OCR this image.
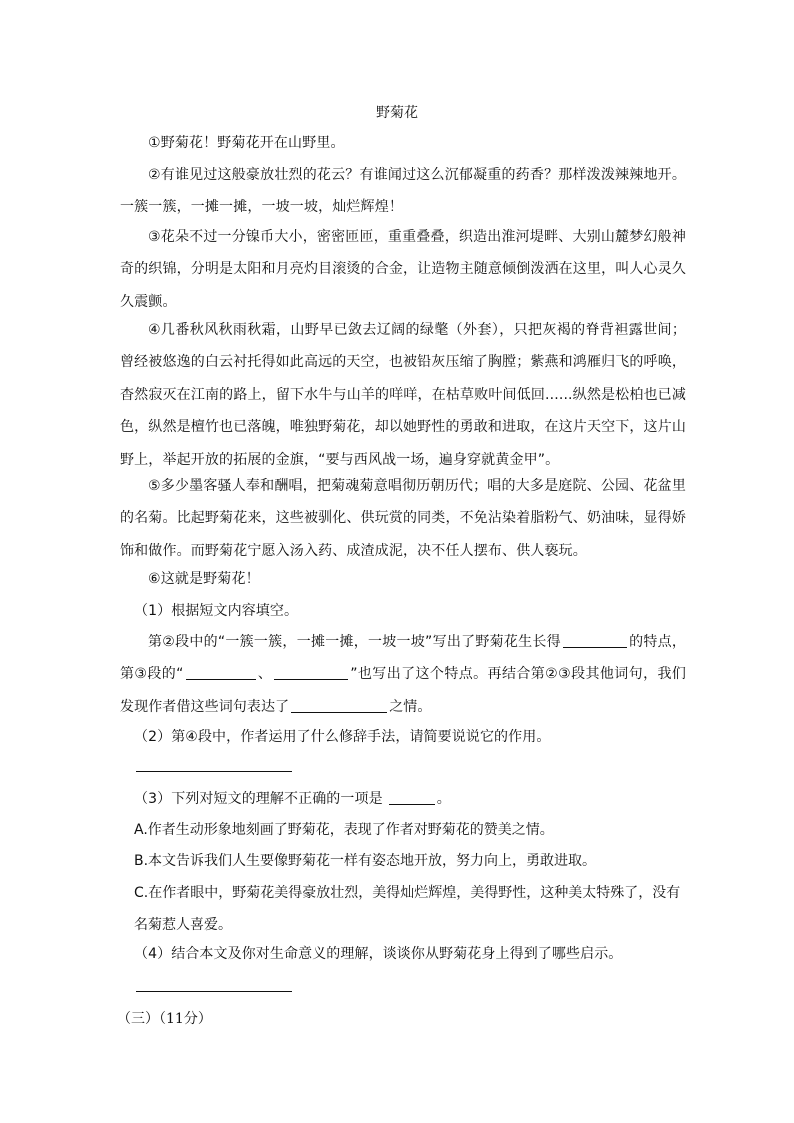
野菊花
①野菊花！野菊花开在山野里。
②有谁见过这般豪放壮烈的花云？有谁闻过这么沉郁凝重的药香？那样泼泼辣辣地开。一簇一簇，一摊一摊，一坡一坡，灿烂辉煌！
③花朵不过一分镍币大小，密密匝匝，重重叠叠，织造出淮河堤畔、大别山麓梦幻般神奇的织锦，分明是太阳和月亮灼目滚烫的合金，让造物主随意倾倒泼洒在这里，叫人心灵久久震颤。
④几番秋风秋雨秋霜，山野早已敛去辽阔的绿氅（外套），只把灰褐的脊背袒露世间；曾经被悠逸的白云衬托得如此高远的天空，也被铅灰压缩了胸膛；紫燕和鸿雁归飞的呼唤，杳然寂灭在江南的路上，留下水牛与山羊的咩咩，在枯草败叶间低回......纵然是松柏也已减色，纵然是檀竹也已落魄，唯独野菊花，却以她野性的勇敢和进取，在这片天空下，这片山野上，举起开放的拓展的金旗，“要与西风战一场，遍身穿就黄金甲”。
⑤多少墨客骚人奉和酬唱，把菊魂菊意唱彻历朝历代；唱的大多是庭院、公园、花盆里的名菊。比起野菊花来，这些被驯化、供玩赏的同类，不免沾染着脂粉气、奶油味，显得娇饰和做作。而野菊花宁愿入汤入药、成渣成泥，决不任人摆布、供人亵玩。
⑥这就是野菊花！
（1）根据短文内容填空。
第②段中的“一簇一簇，一摊一摊，一坡一坡”写出了野菊花生长得	的特点，第③段的“	、	”也写出了这个特点。再结合第②③段其他词句，我们发现作者借这些词句表达了	之情。
（2）第④段中，作者运用了什么修辞手法，请简要说说它的作用。
（3）下列对短文的理解不正确的一项是	。
A.作者生动形象地刻画了野菊花，表现了作者对野菊花的赞美之情。
B.本文告诉我们人生要像野菊花一样有姿态地开放，努力向上，勇敢进取。
C.在作者眼中，野菊花美得豪放壮烈，美得灿烂辉煌，美得野性，这种美太特殊了，没有名菊惹人喜爱。
（4）结合本文及你对生命意义的理解，谈谈你从野菊花身上得到了哪些启示。
（三）（11分）
